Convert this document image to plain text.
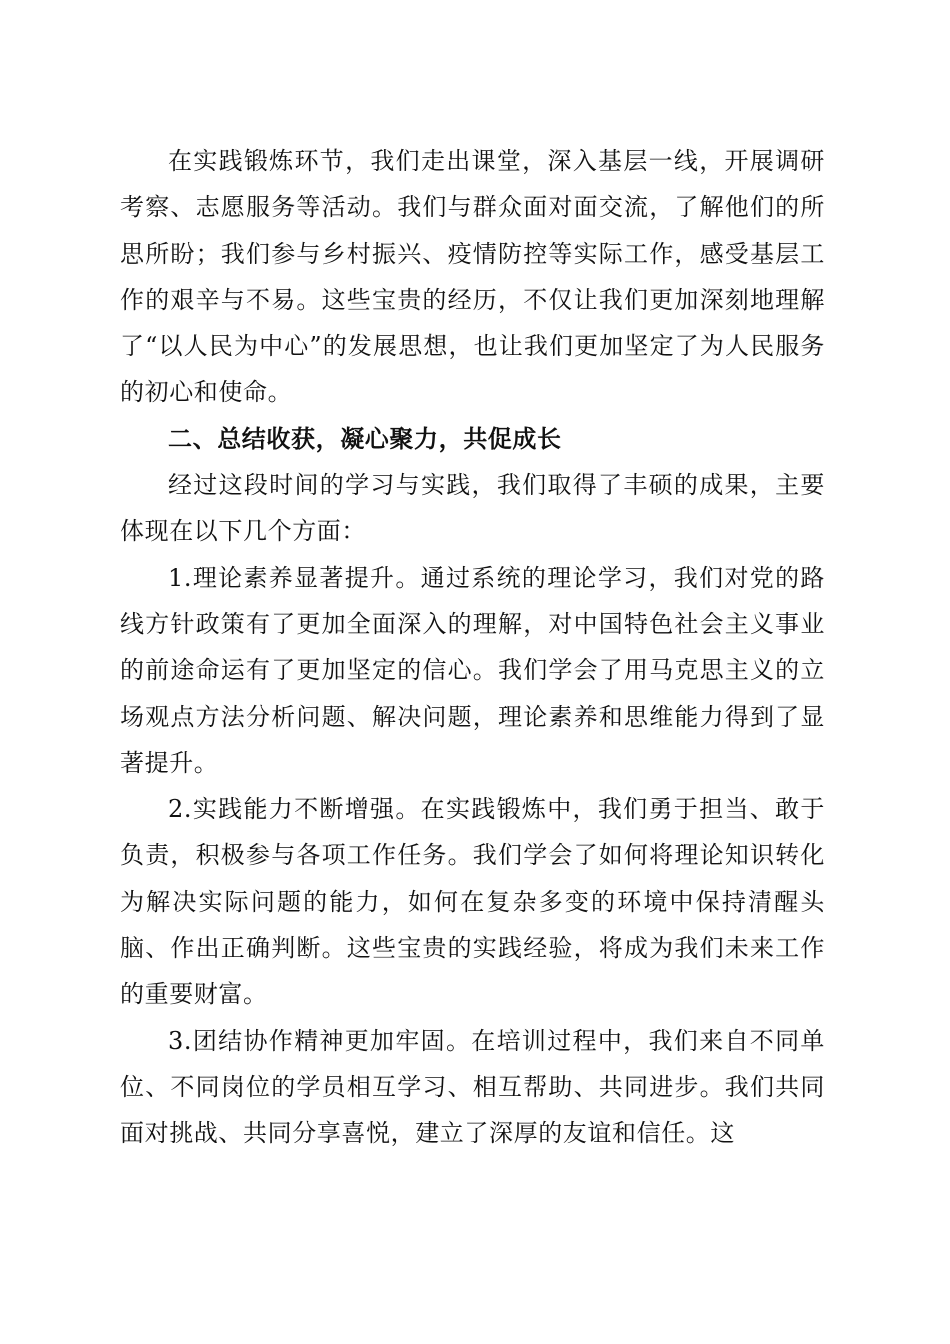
在实践锻炼环节，我们走出课堂，深入基层一线，开展调研考察、志愿服务等活动。我们与群众面对面交流，了解他们的所思所盼；我们参与乡村振兴、疫情防控等实际工作，感受基层工作的艰辛与不易。这些宝贵的经历，不仅让我们更加深刻地理解了“以人民为中心”的发展思想，也让我们更加坚定了为人民服务的初心和使命。

二、总结收获，凝心聚力，共促成长

经过这段时间的学习与实践，我们取得了丰硕的成果，主要体现在以下几个方面：

1.理论素养显著提升。通过系统的理论学习，我们对党的路线方针政策有了更加全面深入的理解，对中国特色社会主义事业的前途命运有了更加坚定的信心。我们学会了用马克思主义的立场观点方法分析问题、解决问题，理论素养和思维能力得到了显著提升。

2.实践能力不断增强。在实践锻炼中，我们勇于担当、敢于负责，积极参与各项工作任务。我们学会了如何将理论知识转化为解决实际问题的能力，如何在复杂多变的环境中保持清醒头脑、作出正确判断。这些宝贵的实践经验，将成为我们未来工作的重要财富。

3.团结协作精神更加牢固。在培训过程中，我们来自不同单位、不同岗位的学员相互学习、相互帮助、共同进步。我们共同面对挑战、共同分享喜悦，建立了深厚的友谊和信任。这
